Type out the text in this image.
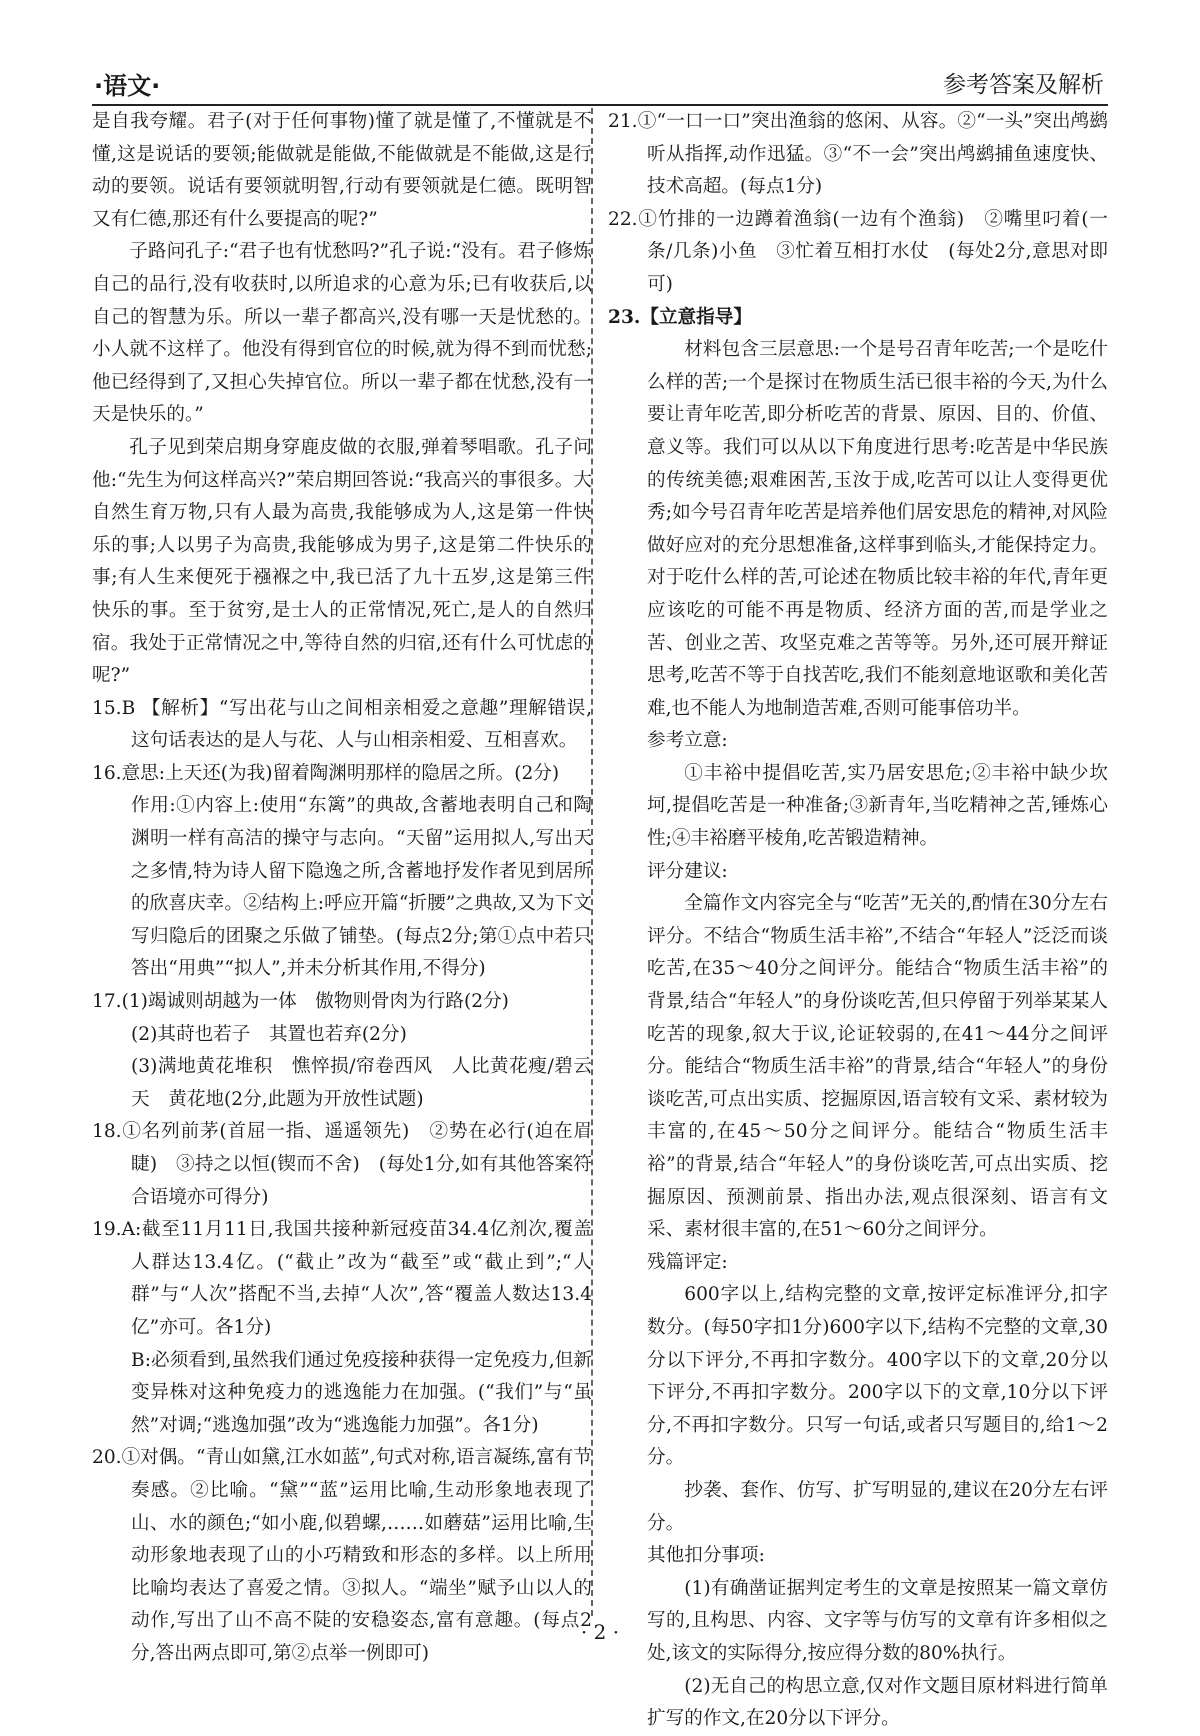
·语文·	参考答案及解析

是自我夸耀。君子(对于任何事物)懂了就是懂了,不懂就是不懂,这是说话的要领;能做就是能做,不能做就是不能做,这是行动的要领。说话有要领就明智,行动有要领就是仁德。既明智又有仁德,那还有什么要提高的呢?”

子路问孔子:“君子也有忧愁吗?”孔子说:“没有。君子修炼自己的品行,没有收获时,以所追求的心意为乐;已有收获后,以自己的智慧为乐。所以一辈子都高兴,没有哪一天是忧愁的。小人就不这样了。他没有得到官位的时候,就为得不到而忧愁;他已经得到了,又担心失掉官位。所以一辈子都在忧愁,没有一天是快乐的。”

孔子见到荣启期身穿鹿皮做的衣服,弹着琴唱歌。孔子问他:“先生为何这样高兴?”荣启期回答说:“我高兴的事很多。大自然生育万物,只有人最为高贵,我能够成为人,这是第一件快乐的事;人以男子为高贵,我能够成为男子,这是第二件快乐的事;有人生来便死于襁褓之中,我已活了九十五岁,这是第三件快乐的事。至于贫穷,是士人的正常情况,死亡,是人的自然归宿。我处于正常情况之中,等待自然的归宿,还有什么可忧虑的呢?”

15.B 【解析】“写出花与山之间相亲相爱之意趣”理解错误,这句话表达的是人与花、人与山相亲相爱、互相喜欢。

16.意思:上天还(为我)留着陶渊明那样的隐居之所。(2分)

作用:①内容上:使用“东篱”的典故,含蓄地表明自己和陶渊明一样有高洁的操守与志向。“天留”运用拟人,写出天之多情,特为诗人留下隐逸之所,含蓄地抒发作者见到居所的欣喜庆幸。②结构上:呼应开篇“折腰”之典故,又为下文写归隐后的团聚之乐做了铺垫。(每点2分;第①点中若只答出“用典”“拟人”,并未分析其作用,不得分)

17.(1)竭诚则胡越为一体　傲物则骨肉为行路(2分)

(2)其莳也若子　其置也若弃(2分)

(3)满地黄花堆积　憔悴损/帘卷西风　人比黄花瘦/碧云天　黄花地(2分,此题为开放性试题)

18.①名列前茅(首屈一指、遥遥领先)　②势在必行(迫在眉睫)　③持之以恒(锲而不舍)　(每处1分,如有其他答案符合语境亦可得分)

19.A:截至11月11日,我国共接种新冠疫苗34.4亿剂次,覆盖人群达13.4亿。(“截止”改为“截至”或“截止到”;“人群”与“人次”搭配不当,去掉“人次”,答“覆盖人数达13.4亿”亦可。各1分)

B:必须看到,虽然我们通过免疫接种获得一定免疫力,但新变异株对这种免疫力的逃逸能力在加强。(“我们”与“虽然”对调;“逃逸加强”改为“逃逸能力加强”。各1分)

20.①对偶。“青山如黛,江水如蓝”,句式对称,语言凝练,富有节奏感。②比喻。“黛”“蓝”运用比喻,生动形象地表现了山、水的颜色;“如小鹿,似碧螺,……如蘑菇”运用比喻,生动形象地表现了山的小巧精致和形态的多样。以上所用比喻均表达了喜爱之情。③拟人。“端坐”赋予山以人的动作,写出了山不高不陡的安稳姿态,富有意趣。(每点2分,答出两点即可,第②点举一例即可)

21.①“一口一口”突出渔翁的悠闲、从容。②“一头”突出鸬鹚听从指挥,动作迅猛。③“不一会”突出鸬鹚捕鱼速度快、技术高超。(每点1分)

22.①竹排的一边蹲着渔翁(一边有个渔翁)　②嘴里叼着(一条/几条)小鱼　③忙着互相打水仗　(每处2分,意思对即可)

23.【立意指导】

材料包含三层意思:一个是号召青年吃苦;一个是吃什么样的苦;一个是探讨在物质生活已很丰裕的今天,为什么要让青年吃苦,即分析吃苦的背景、原因、目的、价值、意义等。我们可以从以下角度进行思考:吃苦是中华民族的传统美德;艰难困苦,玉汝于成,吃苦可以让人变得更优秀;如今号召青年吃苦是培养他们居安思危的精神,对风险做好应对的充分思想准备,这样事到临头,才能保持定力。对于吃什么样的苦,可论述在物质比较丰裕的年代,青年更应该吃的可能不再是物质、经济方面的苦,而是学业之苦、创业之苦、攻坚克难之苦等等。另外,还可展开辩证思考,吃苦不等于自找苦吃,我们不能刻意地讴歌和美化苦难,也不能人为地制造苦难,否则可能事倍功半。

参考立意:

①丰裕中提倡吃苦,实乃居安思危;②丰裕中缺少坎坷,提倡吃苦是一种准备;③新青年,当吃精神之苦,锤炼心性;④丰裕磨平棱角,吃苦锻造精神。

评分建议:

全篇作文内容完全与“吃苦”无关的,酌情在30分左右评分。不结合“物质生活丰裕”,不结合“年轻人”泛泛而谈吃苦,在35～40分之间评分。能结合“物质生活丰裕”的背景,结合“年轻人”的身份谈吃苦,但只停留于列举某某人吃苦的现象,叙大于议,论证较弱的,在41～44分之间评分。能结合“物质生活丰裕”的背景,结合“年轻人”的身份谈吃苦,可点出实质、挖掘原因,语言较有文采、素材较为丰富的,在45～50分之间评分。能结合“物质生活丰裕”的背景,结合“年轻人”的身份谈吃苦,可点出实质、挖掘原因、预测前景、指出办法,观点很深刻、语言有文采、素材很丰富的,在51～60分之间评分。

残篇评定:

600字以上,结构完整的文章,按评定标准评分,扣字数分。(每50字扣1分)600字以下,结构不完整的文章,30分以下评分,不再扣字数分。400字以下的文章,20分以下评分,不再扣字数分。200字以下的文章,10分以下评分,不再扣字数分。只写一句话,或者只写题目的,给1～2分。

抄袭、套作、仿写、扩写明显的,建议在20分左右评分。

其他扣分事项:

(1)有确凿证据判定考生的文章是按照某一篇文章仿写的,且构思、内容、文字等与仿写的文章有许多相似之处,该文的实际得分,按应得分数的80%执行。

(2)无自己的构思立意,仅对作文题目原材料进行简单扩写的作文,在20分以下评分。

· 2 ·
